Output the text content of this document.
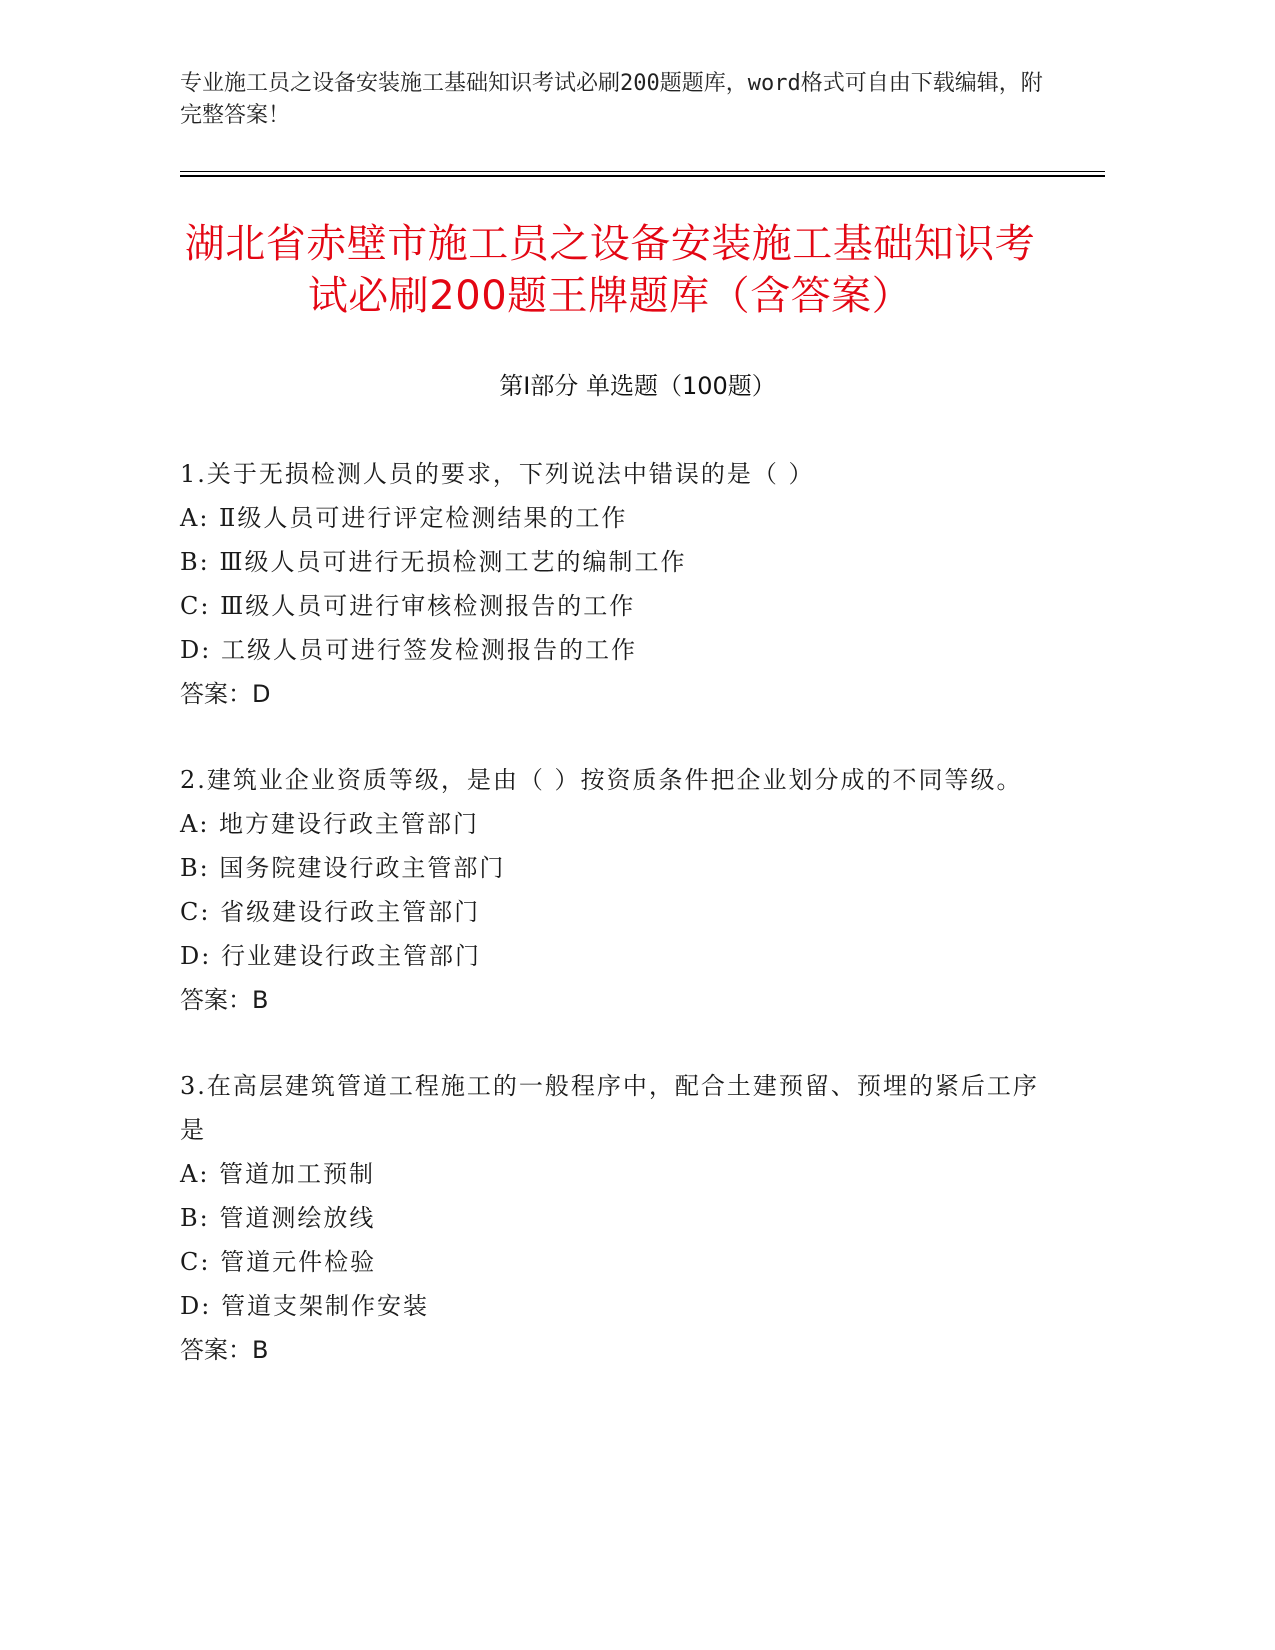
专业施工员之设备安装施工基础知识考试必刷200题题库，word格式可自由下载编辑，附完整答案！
湖北省赤壁市施工员之设备安装施工基础知识考试必刷200题王牌题库（含答案）
第I部分 单选题（100题）
1.关于无损检测人员的要求，下列说法中错误的是（ ）
A: Ⅱ级人员可进行评定检测结果的工作
B: Ⅲ级人员可进行无损检测工艺的编制工作
C: Ⅲ级人员可进行审核检测报告的工作
D: 工级人员可进行签发检测报告的工作
答案：D
2.建筑业企业资质等级，是由（ ）按资质条件把企业划分成的不同等级。
A: 地方建设行政主管部门
B: 国务院建设行政主管部门
C: 省级建设行政主管部门
D: 行业建设行政主管部门
答案：B
3.在高层建筑管道工程施工的一般程序中，配合土建预留、预埋的紧后工序是
A: 管道加工预制
B: 管道测绘放线
C: 管道元件检验
D: 管道支架制作安装
答案：B
